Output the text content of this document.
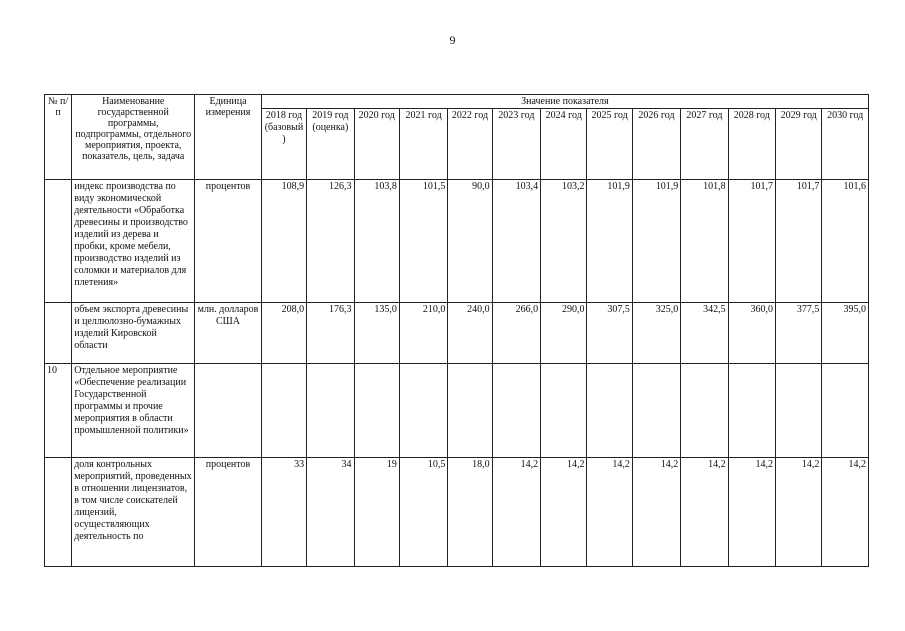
9
№ п/п	Наименование государственной программы, подпрограммы, отдельного мероприятия, проекта, показатель, цель, задача	Единица измерения	Значение показателя												
			2018 год (базовый)	2019 год (оценка)	2020 год	2021 год	2022 год	2023 год	2024 год	2025 год	2026 год	2027 год	2028 год	2029 год	2030 год
	индекс производства по виду экономической деятельности «Обработка древесины и производство изделий из дерева и пробки, кроме мебели, производство изделий из соломки и материалов для плетения»	процентов	108,9	126,3	103,8	101,5	90,0	103,4	103,2	101,9	101,9	101,8	101,7	101,7	101,6
	объем экспорта древесины и целлюлозно-бумажных изделий Кировской области	млн. долларов США	208,0	176,3	135,0	210,0	240,0	266,0	290,0	307,5	325,0	342,5	360,0	377,5	395,0
10	Отдельное мероприятие «Обеспечение реализации Государственной программы и прочие мероприятия в области промышленной политики»														
	доля контрольных мероприятий, проведенных в отношении лицензиатов, в том числе соискателей лицензий, осуществляющих деятельность по	процентов	33	34	19	10,5	18,0	14,2	14,2	14,2	14,2	14,2	14,2	14,2	14,2
